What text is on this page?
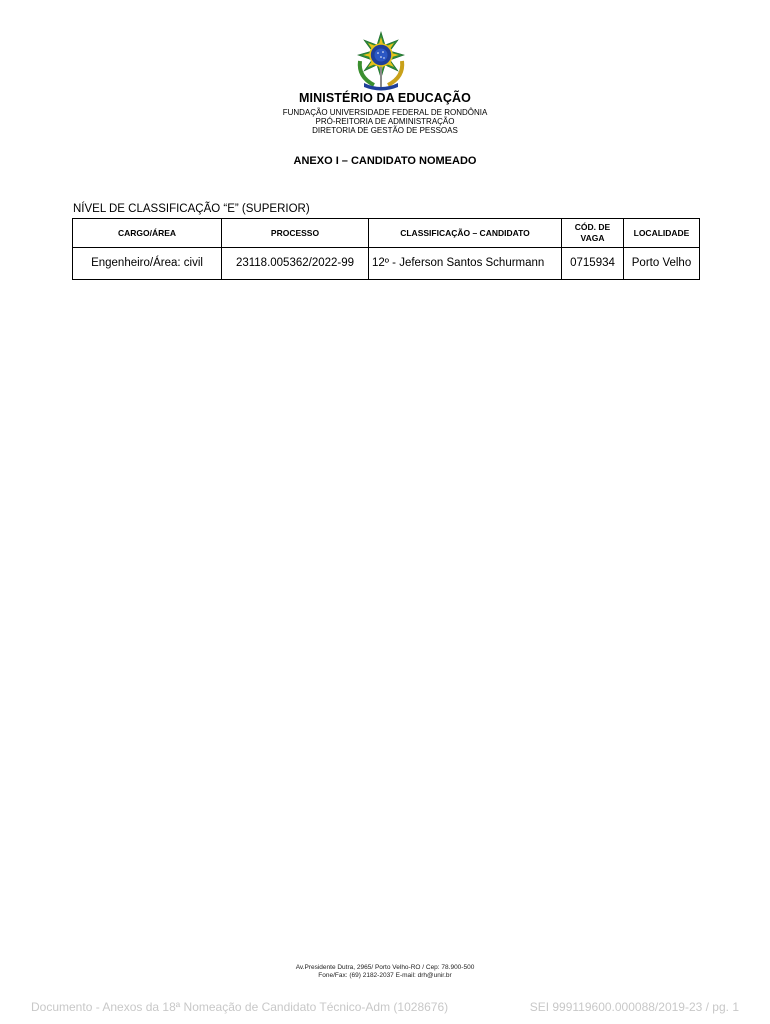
MINISTÉRIO DA EDUCAÇÃO
FUNDAÇÃO UNIVERSIDADE FEDERAL DE RONDÔNIA
PRÓ-REITORIA DE ADMINISTRAÇÃO
DIRETORIA DE GESTÃO DE PESSOAS
ANEXO I – CANDIDATO NOMEADO
NÍVEL DE CLASSIFICAÇÃO “E” (SUPERIOR)
CARGO/ÁREA	PROCESSO	CLASSIFICAÇÃO – CANDIDATO	CÓD. DE VAGA	LOCALIDADE
Engenheiro/Área: civil	23118.005362/2022-99	12º - Jeferson Santos Schurmann	0715934	Porto Velho
Av.Presidente Dutra, 2965/ Porto Velho-RO / Cep: 78.900-500
Fone/Fax: (69) 2182-2037 E-mail: drh@unir.br
Documento - Anexos da 18ª Nomeação de Candidato Técnico-Adm (1028676)	SEI 999119600.000088/2019-23 / pg. 1
